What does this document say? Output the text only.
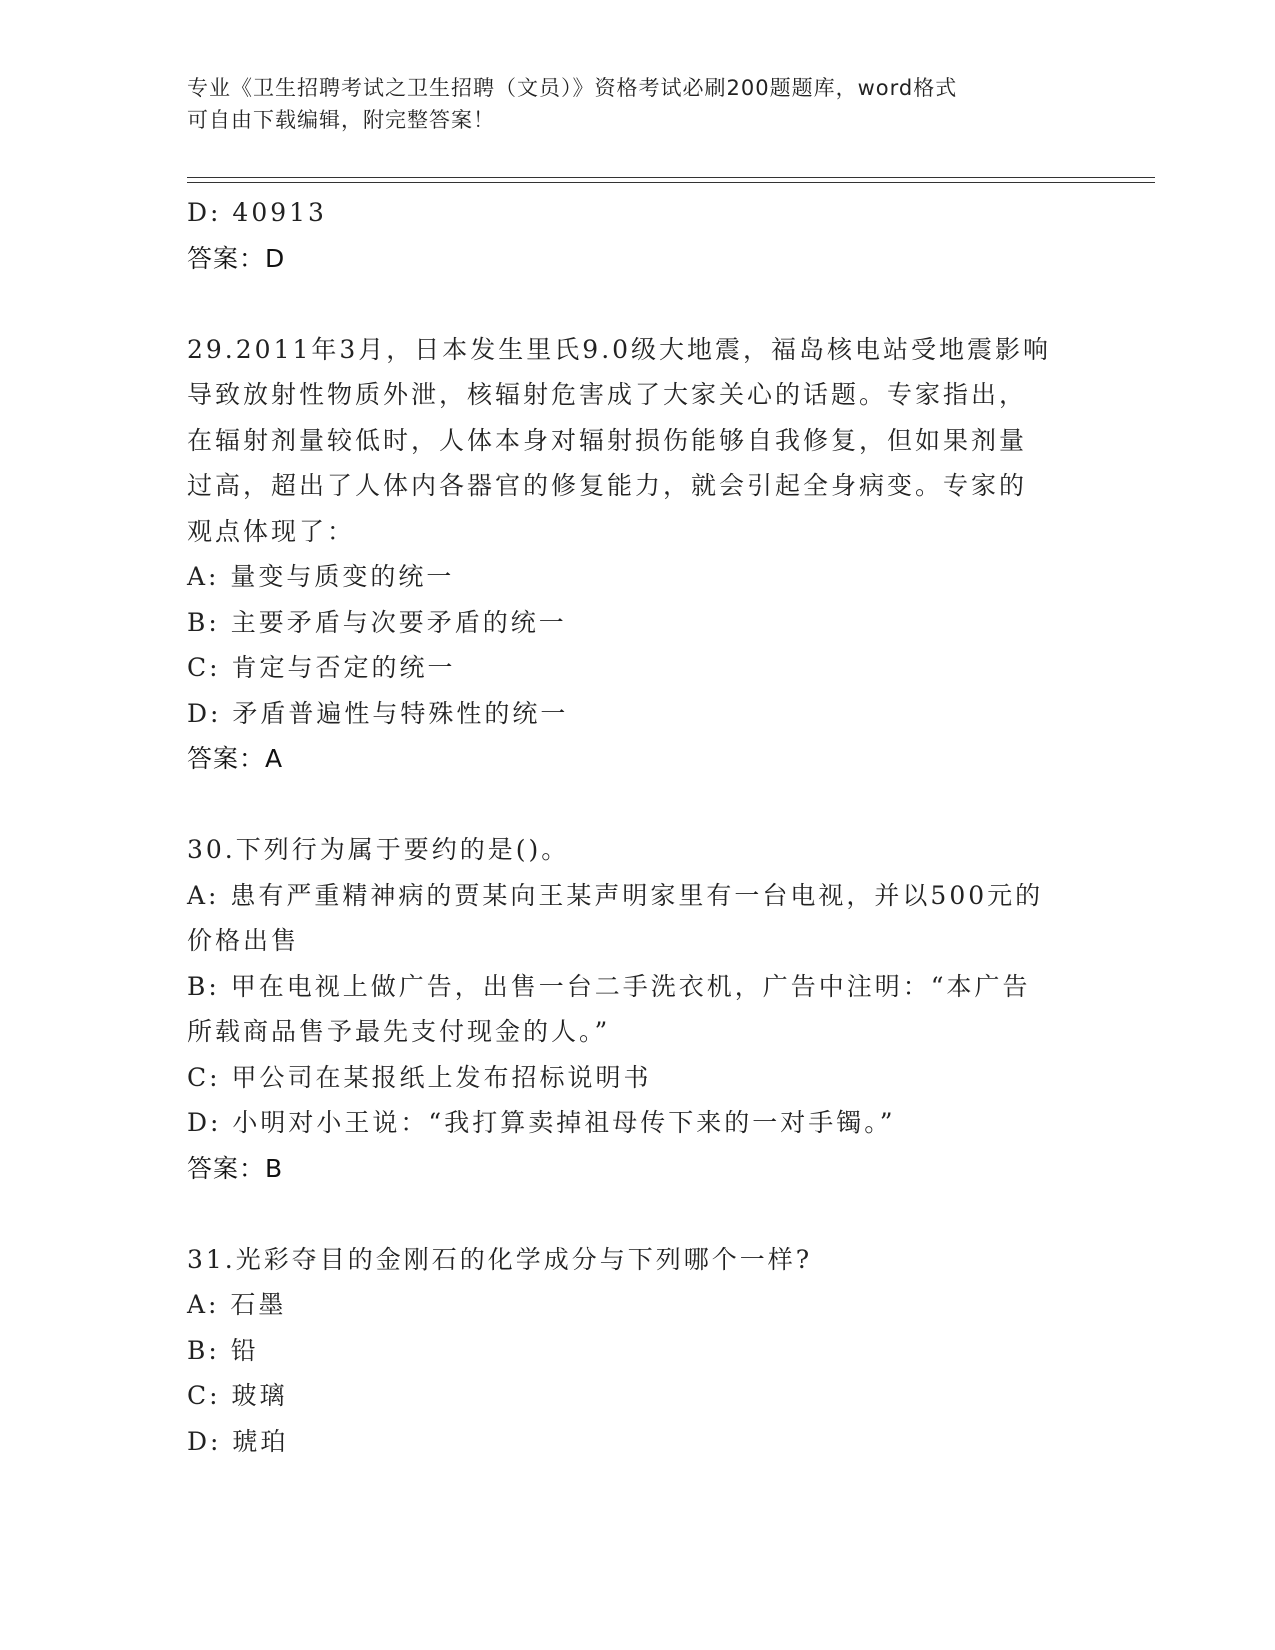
专业《卫生招聘考试之卫生招聘（文员）》资格考试必刷200题题库，word格式
可自由下载编辑，附完整答案！
D: 40913
答案：D
29.2011年3月，日本发生里氏9.0级大地震，福岛核电站受地震影响
导致放射性物质外泄，核辐射危害成了大家关心的话题。专家指出，
在辐射剂量较低时，人体本身对辐射损伤能够自我修复，但如果剂量
过高，超出了人体内各器官的修复能力，就会引起全身病变。专家的
观点体现了：
A: 量变与质变的统一
B: 主要矛盾与次要矛盾的统一
C: 肯定与否定的统一
D: 矛盾普遍性与特殊性的统一
答案：A
30.下列行为属于要约的是()。
A: 患有严重精神病的贾某向王某声明家里有一台电视，并以500元的
价格出售
B: 甲在电视上做广告，出售一台二手洗衣机，广告中注明：“本广告
所载商品售予最先支付现金的人。”
C: 甲公司在某报纸上发布招标说明书
D: 小明对小王说：“我打算卖掉祖母传下来的一对手镯。”
答案：B
31.光彩夺目的金刚石的化学成分与下列哪个一样?
A: 石墨
B: 铅
C: 玻璃
D: 琥珀
